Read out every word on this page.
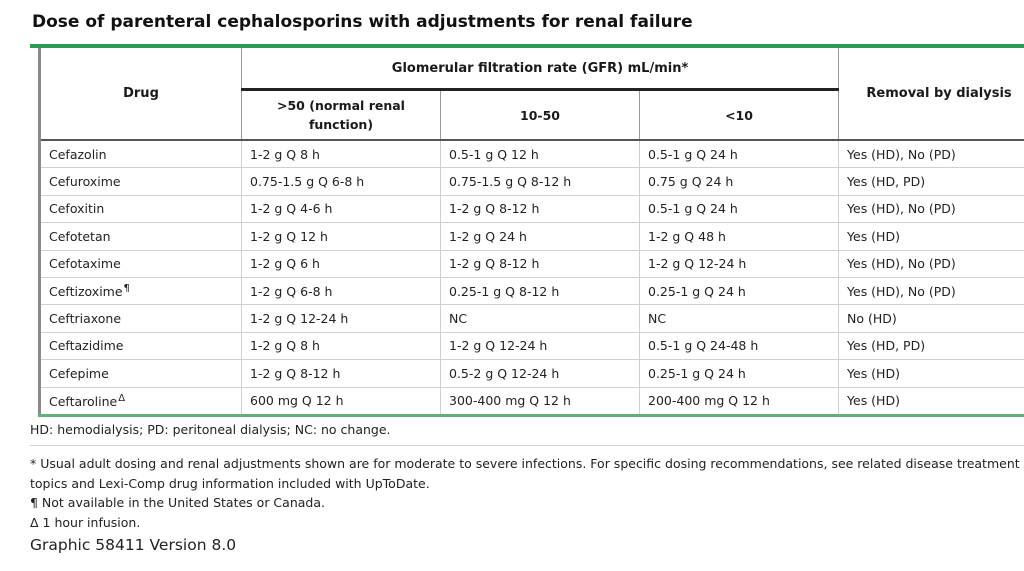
Dose of parenteral cephalosporins with adjustments for renal failure
Drug	Glomerular filtration rate (GFR) mL/min*			Removal by dialysis
	>50 (normal renal function)	10-50	<10	
Cefazolin	1-2 g Q 8 h	0.5-1 g Q 12 h	0.5-1 g Q 24 h	Yes (HD), No (PD)
Cefuroxime	0.75-1.5 g Q 6-8 h	0.75-1.5 g Q 8-12 h	0.75 g Q 24 h	Yes (HD, PD)
Cefoxitin	1-2 g Q 4-6 h	1-2 g Q 8-12 h	0.5-1 g Q 24 h	Yes (HD), No (PD)
Cefotetan	1-2 g Q 12 h	1-2 g Q 24 h	1-2 g Q 48 h	Yes (HD)
Cefotaxime	1-2 g Q 6 h	1-2 g Q 8-12 h	1-2 g Q 12-24 h	Yes (HD), No (PD)
Ceftizoxime¶	1-2 g Q 6-8 h	0.25-1 g Q 8-12 h	0.25-1 g Q 24 h	Yes (HD), No (PD)
Ceftriaxone	1-2 g Q 12-24 h	NC	NC	No (HD)
Ceftazidime	1-2 g Q 8 h	1-2 g Q 12-24 h	0.5-1 g Q 24-48 h	Yes (HD, PD)
Cefepime	1-2 g Q 8-12 h	0.5-2 g Q 12-24 h	0.25-1 g Q 24 h	Yes (HD)
Ceftaroline$^\Delta$	600 mg Q 12 h	300-400 mg Q 12 h	200-400 mg Q 12 h	Yes (HD)
HD: hemodialysis; PD: peritoneal dialysis; NC: no change.
* Usual adult dosing and renal adjustments shown are for moderate to severe infections. For specific dosing recommendations, see related disease treatment topics and Lexi-Comp drug information included with UpToDate.
¶ Not available in the United States or Canada.
Δ 1 hour infusion.
Graphic 58411 Version 8.0
